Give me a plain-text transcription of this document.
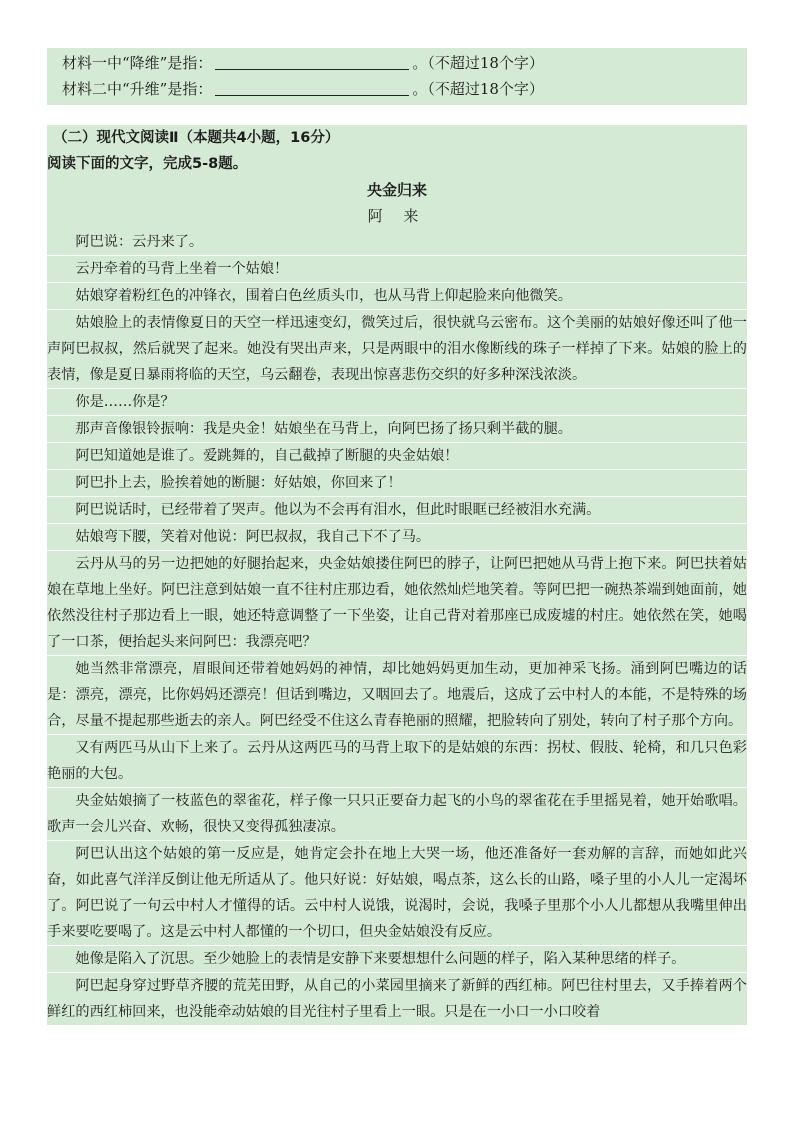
材料一中“降维”是指：	。（不超过18个字）
材料二中“升维”是指：	。（不超过18个字）
（二）现代文阅读Ⅱ（本题共4小题，16分）
阅读下面的文字，完成5-8题。
央金归来
阿 来

阿巴说：云丹来了。

云丹牵着的马背上坐着一个姑娘！

姑娘穿着粉红色的冲锋衣，围着白色丝质头巾，也从马背上仰起脸来向他微笑。

姑娘脸上的表情像夏日的天空一样迅速变幻，微笑过后，很快就乌云密布。这个美丽的姑娘好像还叫了他一声阿巴叔叔，然后就哭了起来。她没有哭出声来，只是两眼中的泪水像断线的珠子一样掉了下来。姑娘的脸上的表情，像是夏日暴雨将临的天空，乌云翻卷，表现出惊喜悲伤交织的好多种深浅浓淡。

你是……你是？

那声音像银铃振响：我是央金！姑娘坐在马背上，向阿巴扬了扬只剩半截的腿。

阿巴知道她是谁了。爱跳舞的，自己截掉了断腿的央金姑娘！

阿巴扑上去，脸挨着她的断腿：好姑娘，你回来了！

阿巴说话时，已经带着了哭声。他以为不会再有泪水，但此时眼眶已经被泪水充满。

姑娘弯下腰，笑着对他说：阿巴叔叔，我自己下不了马。

云丹从马的另一边把她的好腿抬起来，央金姑娘搂住阿巴的脖子，让阿巴把她从马背上抱下来。阿巴扶着姑娘在草地上坐好。阿巴注意到姑娘一直不往村庄那边看，她依然灿烂地笑着。等阿巴把一碗热茶端到她面前，她依然没往村子那边看上一眼，她还特意调整了一下坐姿，让自己背对着那座已成废墟的村庄。她依然在笑，她喝了一口茶，便抬起头来问阿巴：我漂亮吧？

她当然非常漂亮，眉眼间还带着她妈妈的神情，却比她妈妈更加生动，更加神采飞扬。涌到阿巴嘴边的话是：漂亮，漂亮，比你妈妈还漂亮！但话到嘴边，又咽回去了。地震后，这成了云中村人的本能，不是特殊的场合，尽量不提起那些逝去的亲人。阿巴经受不住这么青春艳丽的照耀，把脸转向了别处，转向了村子那个方向。

又有两匹马从山下上来了。云丹从这两匹马的马背上取下的是姑娘的东西：拐杖、假肢、轮椅，和几只色彩艳丽的大包。

央金姑娘摘了一枝蓝色的翠雀花，样子像一只只正要奋力起飞的小鸟的翠雀花在手里摇晃着，她开始歌唱。歌声一会儿兴奋、欢畅，很快又变得孤独凄凉。

阿巴认出这个姑娘的第一反应是，她肯定会扑在地上大哭一场，他还准备好一套劝解的言辞，而她如此兴奋，如此喜气洋洋反倒让他无所适从了。他只好说：好姑娘，喝点茶，这么长的山路，嗓子里的小人儿一定渴坏了。阿巴说了一句云中村人才懂得的话。云中村人说饿，说渴时，会说，我嗓子里那个小人儿都想从我嘴里伸出手来要吃要喝了。这是云中村人都懂的一个切口，但央金姑娘没有反应。

她像是陷入了沉思。至少她脸上的表情是安静下来要想想什么问题的样子，陷入某种思绪的样子。

阿巴起身穿过野草齐腰的荒芜田野，从自己的小菜园里摘来了新鲜的西红柿。阿巴往村里去，又手捧着两个鲜红的西红柿回来，也没能牵动姑娘的目光往村子里看上一眼。只是在一小口一小口咬着
